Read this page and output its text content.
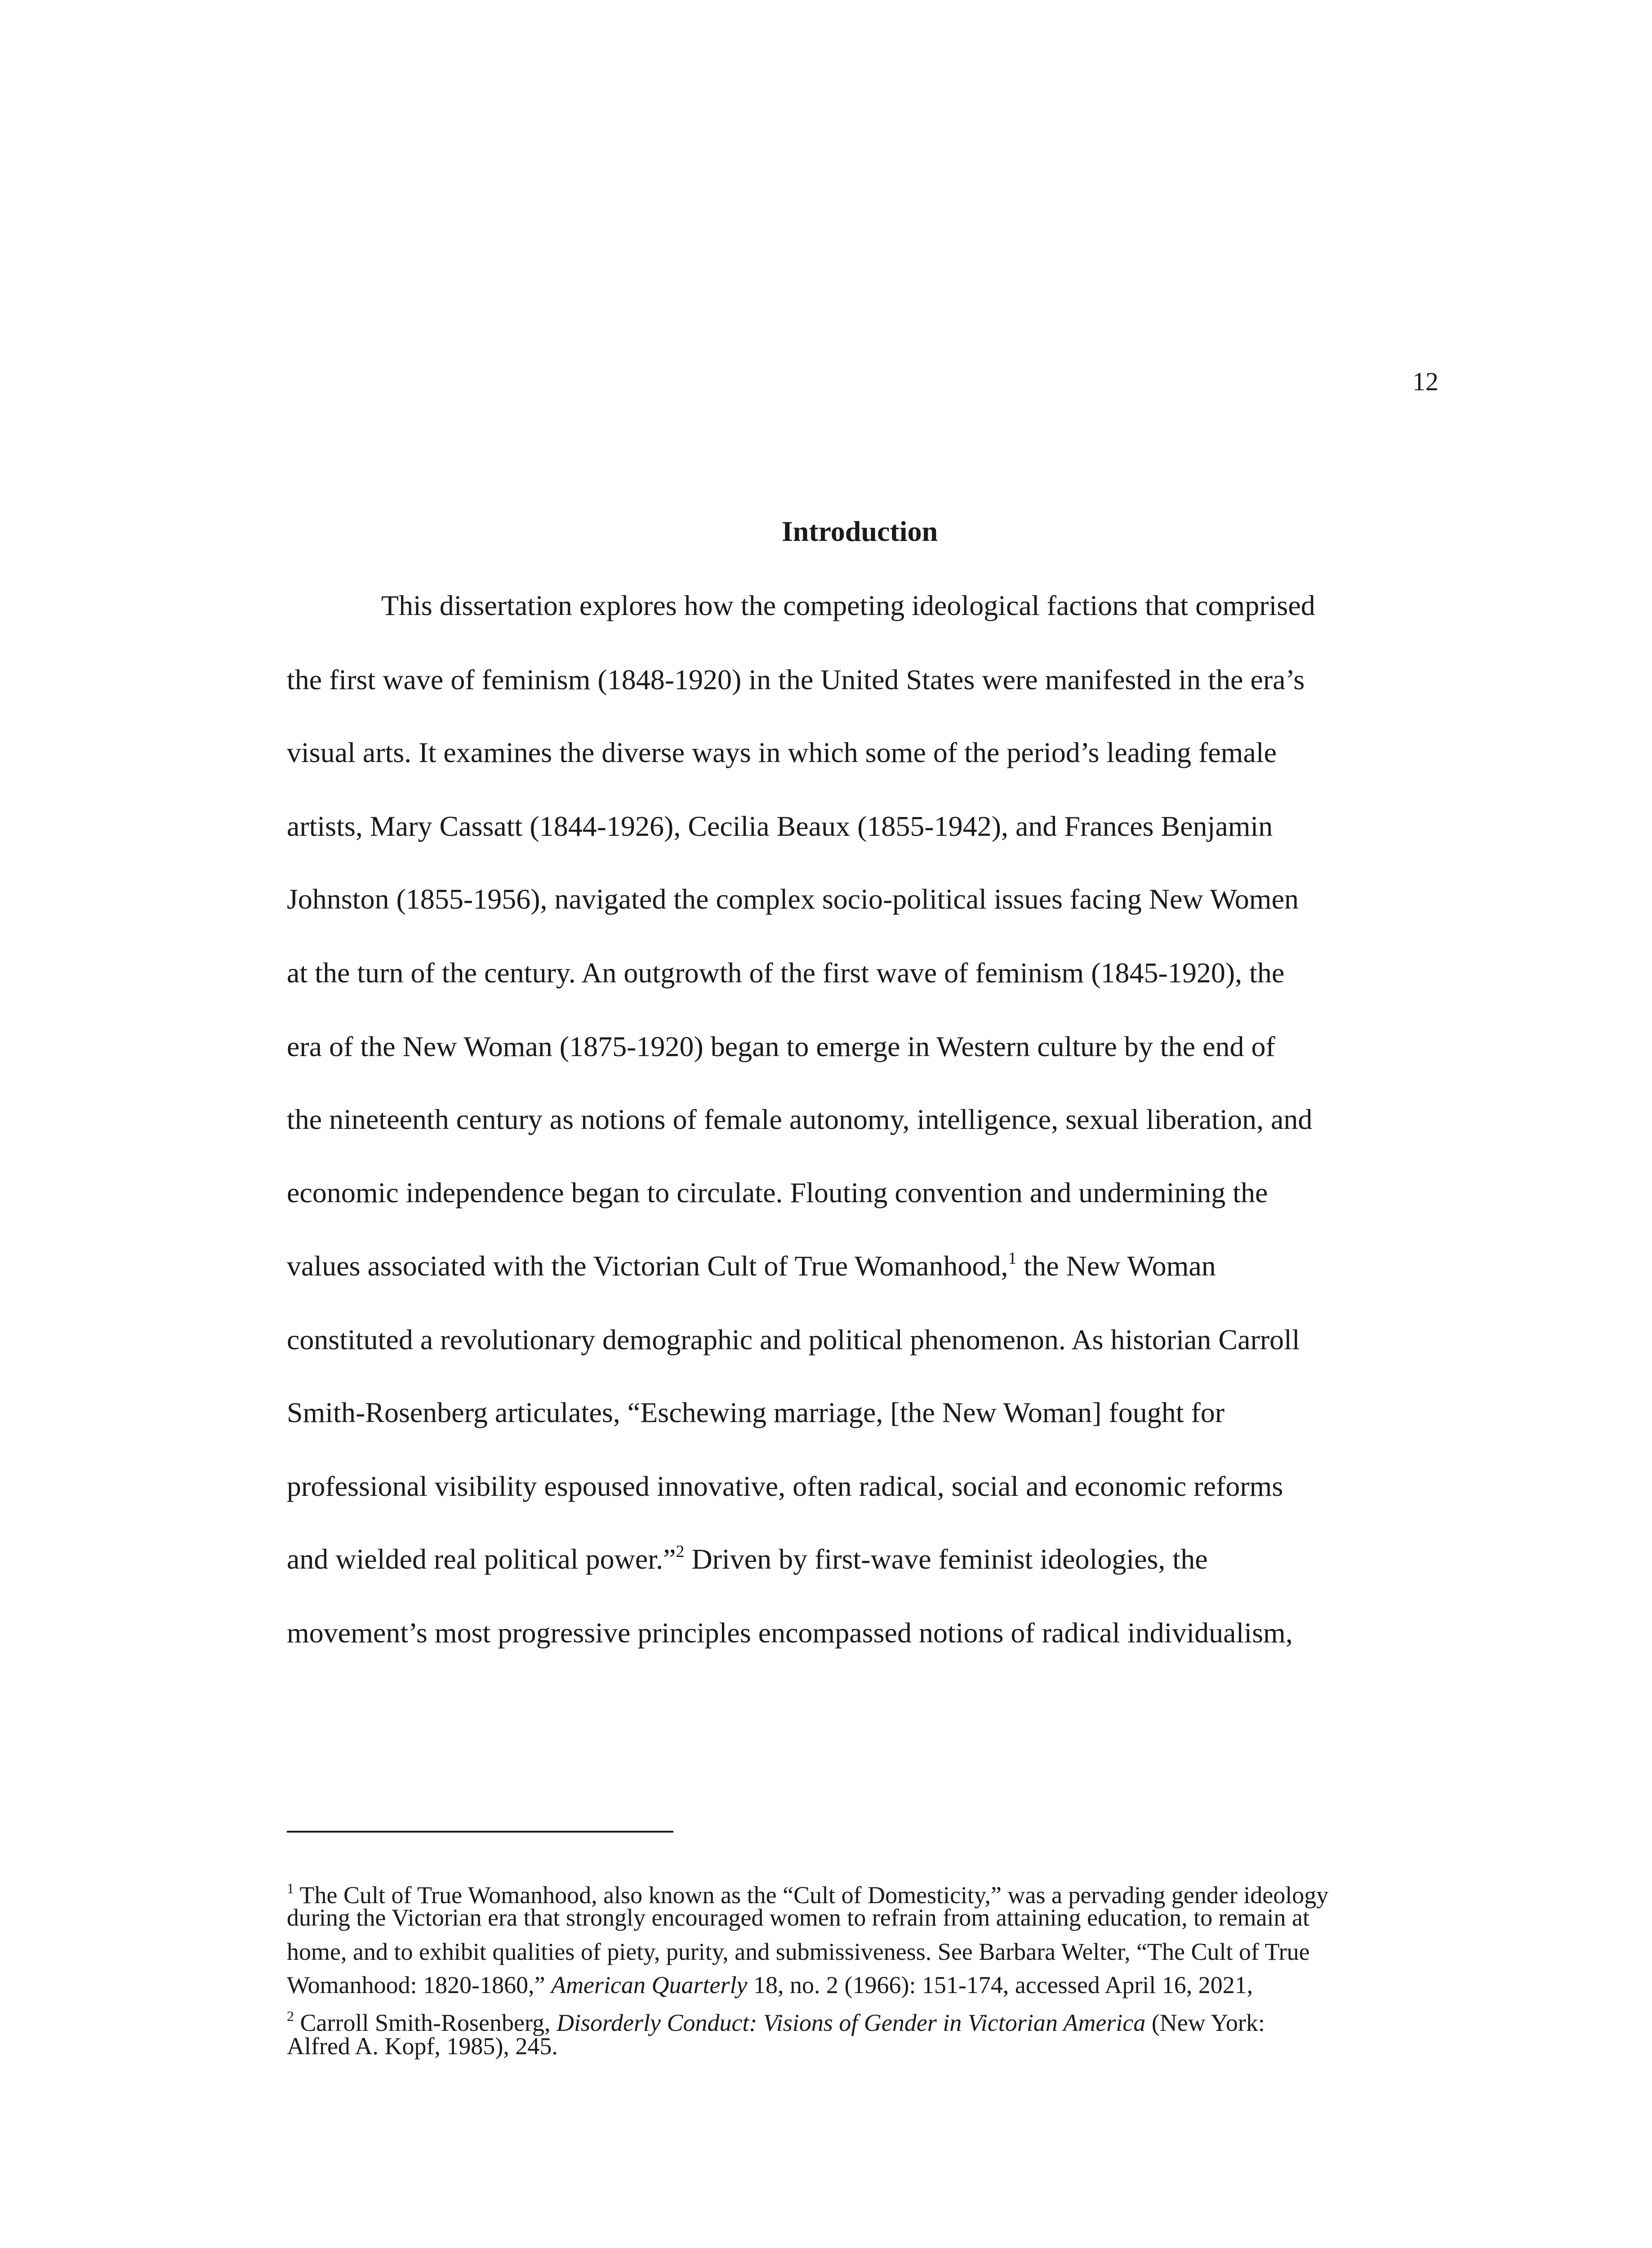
12
Introduction
This dissertation explores how the competing ideological factions that comprised
the first wave of feminism (1848-1920) in the United States were manifested in the era’s
visual arts. It examines the diverse ways in which some of the period’s leading female
artists, Mary Cassatt (1844-1926), Cecilia Beaux (1855-1942), and Frances Benjamin
Johnston (1855-1956), navigated the complex socio-political issues facing New Women
at the turn of the century. An outgrowth of the first wave of feminism (1845-1920), the
era of the New Woman (1875-1920) began to emerge in Western culture by the end of
the nineteenth century as notions of female autonomy, intelligence, sexual liberation, and
economic independence began to circulate. Flouting convention and undermining the
values associated with the Victorian Cult of True Womanhood,$^1$ the New Woman
constituted a revolutionary demographic and political phenomenon. As historian Carroll
Smith-Rosenberg articulates, “Eschewing marriage, [the New Woman] fought for
professional visibility espoused innovative, often radical, social and economic reforms
and wielded real political power.”$^2$ Driven by first-wave feminist ideologies, the
movement’s most progressive principles encompassed notions of radical individualism,
$^1$ The Cult of True Womanhood, also known as the “Cult of Domesticity,” was a pervading gender ideology
during the Victorian era that strongly encouraged women to refrain from attaining education, to remain at
home, and to exhibit qualities of piety, purity, and submissiveness. See Barbara Welter, “The Cult of True
Womanhood: 1820-1860,” American Quarterly 18, no. 2 (1966): 151-174, accessed April 16, 2021,
$^2$ Carroll Smith-Rosenberg, Disorderly Conduct: Visions of Gender in Victorian America (New York:
Alfred A. Kopf, 1985), 245.
